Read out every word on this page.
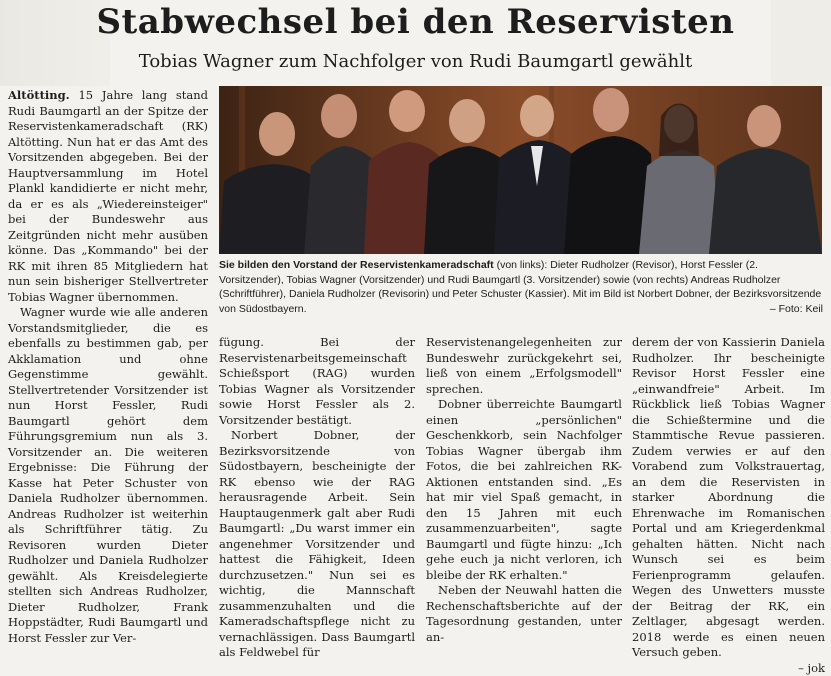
Stabwechsel bei den Reservisten
Tobias Wagner zum Nachfolger von Rudi Baumgartl gewählt

Altötting. 15 Jahre lang stand Rudi Baumgartl an der Spitze der Reservistenkameradschaft (RK) Altötting. Nun hat er das Amt des Vorsitzenden abgegeben. Bei der Hauptversammlung im Hotel Plankl kandidierte er nicht mehr, da er es als „Wiedereinsteiger" bei der Bundeswehr aus Zeitgründen nicht mehr ausüben könne. Das „Kommando" bei der RK mit ihren 85 Mitgliedern hat nun sein bisheriger Stellvertreter Tobias Wagner übernommen.

Wagner wurde wie alle anderen Vorstandsmitglieder, die es ebenfalls zu bestimmen gab, per Akklamation und ohne Gegenstimme gewählt. Stellvertretender Vorsitzender ist nun Horst Fessler, Rudi Baumgartl gehört dem Führungsgremium nun als 3. Vorsitzender an. Die weiteren Ergebnisse: Die Führung der Kasse hat Peter Schuster von Daniela Rudholzer übernommen. Andreas Rudholzer ist weiterhin als Schriftführer tätig. Zu Revisoren wurden Dieter Rudholzer und Daniela Rudholzer gewählt. Als Kreisdelegierte stellten sich Andreas Rudholzer, Dieter Rudholzer, Frank Hoppstädter, Rudi Baumgartl und Horst Fessler zur Ver-

Sie bilden den Vorstand der Reservistenkameradschaft (von links): Dieter Rudholzer (Revisor), Horst Fessler (2. Vorsitzender), Tobias Wagner (Vorsitzender) und Rudi Baumgartl (3. Vorsitzender) sowie (von rechts) Andreas Rudholzer (Schriftführer), Daniela Rudholzer (Revisorin) und Peter Schuster (Kassier). Mit im Bild ist Norbert Dobner, der Bezirksvorsitzende von Südostbayern.	– Foto: Keil

fügung. Bei der Reservistenarbeitsgemeinschaft Schießsport (RAG) wurden Tobias Wagner als Vorsitzender sowie Horst Fessler als 2. Vorsitzender bestätigt.

Norbert Dobner, der Bezirksvorsitzende von Südostbayern, bescheinigte der RK ebenso wie der RAG herausragende Arbeit. Sein Hauptaugenmerk galt aber Rudi Baumgartl: „Du warst immer ein angenehmer Vorsitzender und hattest die Fähigkeit, Ideen durchzusetzen." Nun sei es wichtig, die Mannschaft zusammenzuhalten und die Kameradschaftspflege nicht zu vernachlässigen. Dass Baumgartl als Feldwebel für

Reservistenangelegenheiten zur Bundeswehr zurückgekehrt sei, ließ von einem „Erfolgsmodell" sprechen.

Dobner überreichte Baumgartl einen „persönlichen" Geschenkkorb, sein Nachfolger Tobias Wagner übergab ihm Fotos, die bei zahlreichen RK-Aktionen entstanden sind. „Es hat mir viel Spaß gemacht, in den 15 Jahren mit euch zusammenzuarbeiten", sagte Baumgartl und fügte hinzu: „Ich gehe euch ja nicht verloren, ich bleibe der RK erhalten."

Neben der Neuwahl hatten die Rechenschaftsberichte auf der Tagesordnung gestanden, unter an-

derem der von Kassierin Daniela Rudholzer. Ihr bescheinigte Revisor Horst Fessler eine „einwandfreie" Arbeit. Im Rückblick ließ Tobias Wagner die Schießtermine und die Stammtische Revue passieren. Zudem verwies er auf den Vorabend zum Volkstrauertag, an dem die Reservisten in starker Abordnung die Ehrenwache im Romanischen Portal und am Kriegerdenkmal gehalten hätten. Nicht nach Wunsch sei es beim Ferienprogramm gelaufen. Wegen des Unwetters musste der Beitrag der RK, ein Zeltlager, abgesagt werden. 2018 werde es einen neuen Versuch geben.

– jok
